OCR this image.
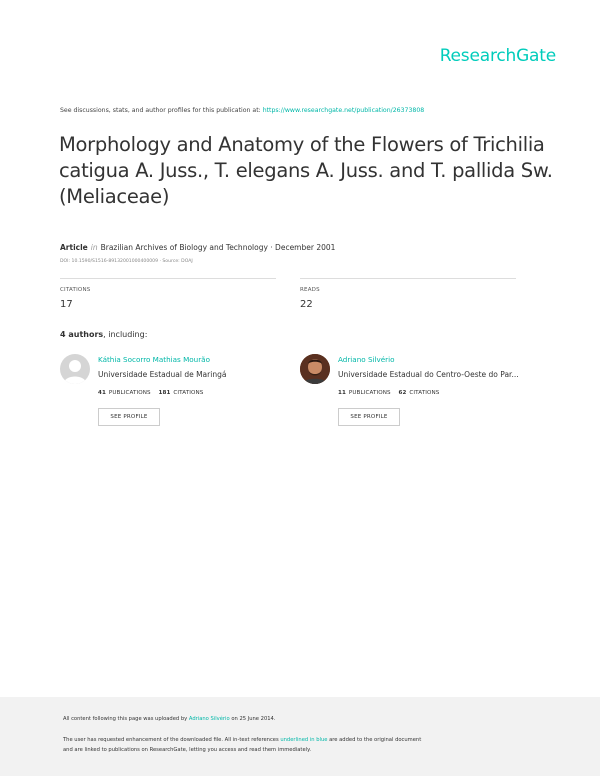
ResearchGate
See discussions, stats, and author profiles for this publication at: https://www.researchgate.net/publication/26373808
Morphology and Anatomy of the Flowers of Trichilia catigua A. Juss., T. elegans A. Juss. and T. pallida Sw. (Meliaceae)
Article in Brazilian Archives of Biology and Technology · December 2001
DOI: 10.1590/S1516-89132001000400009 · Source: DOAJ
CITATIONS
17
READS
22
4 authors, including:
Káthia Socorro Mathias Mourão
Universidade Estadual de Maringá
41 PUBLICATIONS 181 CITATIONS
SEE PROFILE
Adriano Silvério
Universidade Estadual do Centro-Oeste do Par...
11 PUBLICATIONS 62 CITATIONS
SEE PROFILE
All content following this page was uploaded by Adriano Silvério on 25 June 2014.
The user has requested enhancement of the downloaded file. All in-text references underlined in blue are added to the original document
and are linked to publications on ResearchGate, letting you access and read them immediately.
